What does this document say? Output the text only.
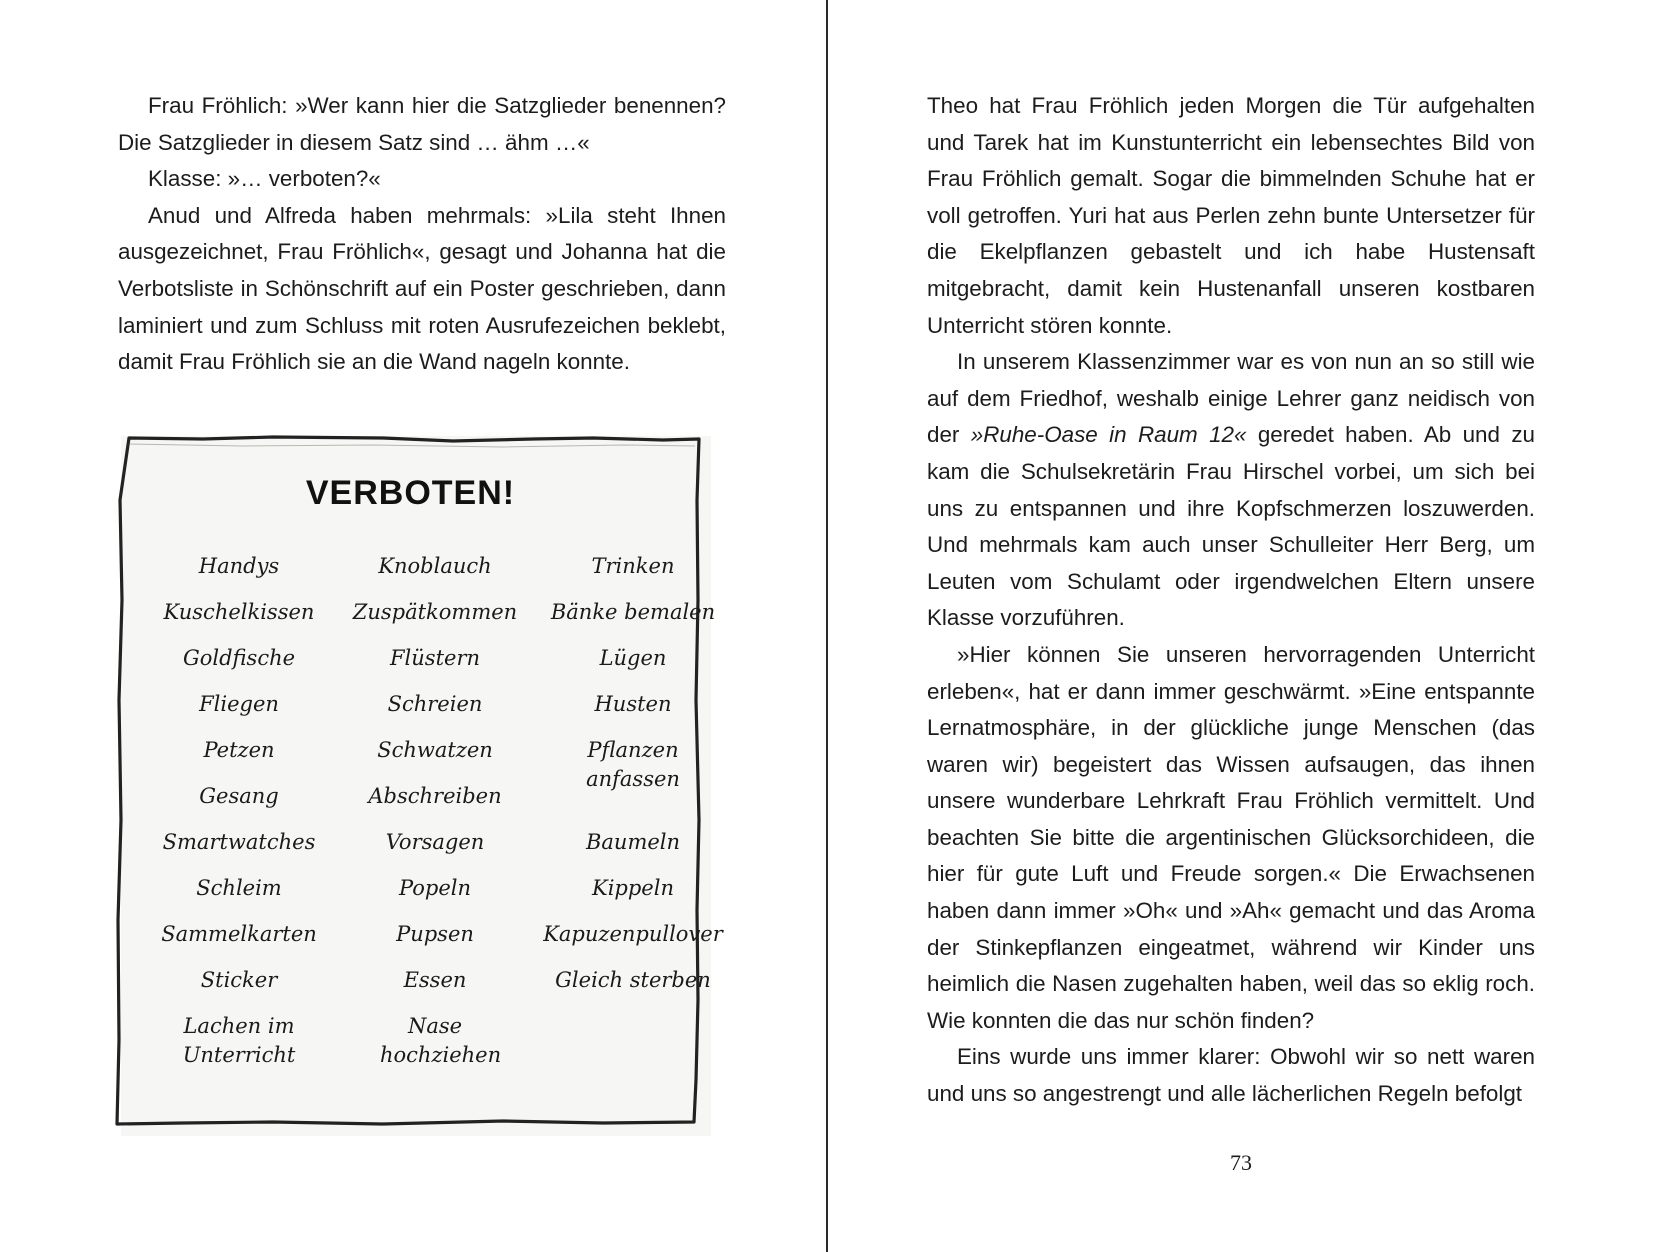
Frau Fröhlich: »Wer kann hier die Satzglieder benennen? Die Satzglieder in diesem Satz sind … ähm …«

Klasse: »… verboten?«

Anud und Alfreda haben mehrmals: »Lila steht Ihnen ausgezeichnet, Frau Fröhlich«, gesagt und Johanna hat die Verbotsliste in Schönschrift auf ein Poster geschrieben, dann laminiert und zum Schluss mit roten Ausrufezeichen beklebt, damit Frau Fröhlich sie an die Wand nageln konnte.

VERBOTEN!
Handys
Kuschelkissen
Goldfische
Fliegen
Petzen
Gesang
Smartwatches
Schleim
Sammelkarten
Sticker
Lachen im Unterricht
Knoblauch
Zuspätkommen
Flüstern
Schreien
Schwatzen
Abschreiben
Vorsagen
Popeln
Pupsen
Essen
Nase hochziehen
Trinken
Bänke bemalen
Lügen
Husten
Pflanzen anfassen
Baumeln
Kippeln
Kapuzenpullover
Gleich sterben

Theo hat Frau Fröhlich jeden Morgen die Tür aufgehalten und Tarek hat im Kunstunterricht ein lebensechtes Bild von Frau Fröhlich gemalt. Sogar die bimmelnden Schuhe hat er voll getroffen. Yuri hat aus Perlen zehn bunte Untersetzer für die Ekelpflanzen gebastelt und ich habe Hustensaft mitgebracht, damit kein Hustenanfall unseren kostbaren Unterricht stören konnte.

In unserem Klassenzimmer war es von nun an so still wie auf dem Friedhof, weshalb einige Lehrer ganz neidisch von der »Ruhe-Oase in Raum 12« geredet haben. Ab und zu kam die Schulsekretärin Frau Hirschel vorbei, um sich bei uns zu entspannen und ihre Kopfschmerzen loszuwerden. Und mehrmals kam auch unser Schulleiter Herr Berg, um Leuten vom Schulamt oder irgendwelchen Eltern unsere Klasse vorzuführen.

»Hier können Sie unseren hervorragenden Unterricht erleben«, hat er dann immer geschwärmt. »Eine entspannte Lernatmosphäre, in der glückliche junge Menschen (das waren wir) begeistert das Wissen aufsaugen, das ihnen unsere wunderbare Lehrkraft Frau Fröhlich vermittelt. Und beachten Sie bitte die argentinischen Glücksorchideen, die hier für gute Luft und Freude sorgen.« Die Erwachsenen haben dann immer »Oh« und »Ah« gemacht und das Aroma der Stinkepflanzen eingeatmet, während wir Kinder uns heimlich die Nasen zugehalten haben, weil das so eklig roch. Wie konnten die das nur schön finden?

Eins wurde uns immer klarer: Obwohl wir so nett waren und uns so angestrengt und alle lächerlichen Regeln befolgt

73
